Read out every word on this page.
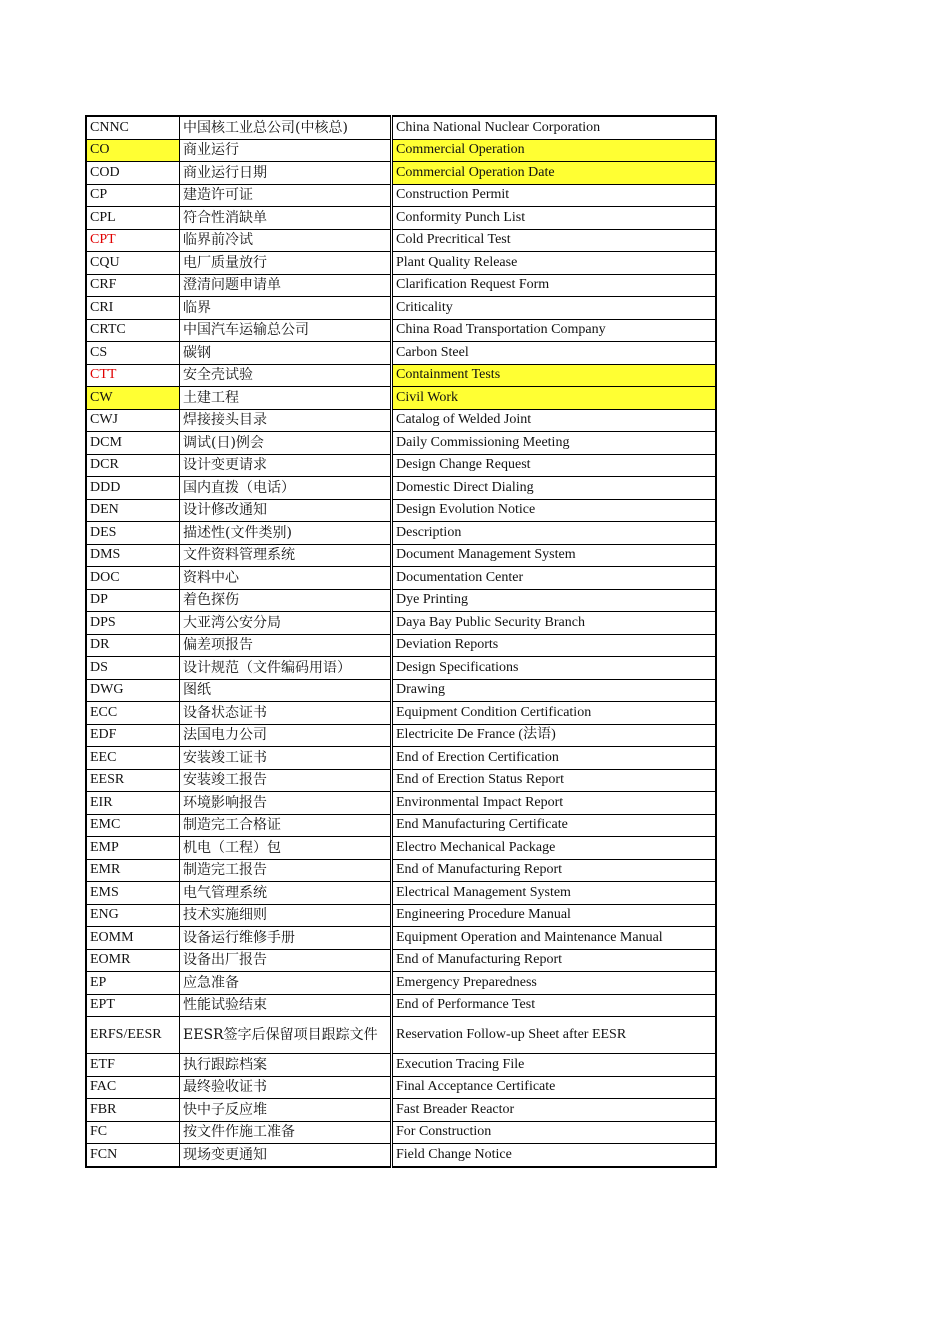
CNNC	中国核工业总公司(中核总)	China National Nuclear Corporation
CO	商业运行	Commercial Operation
COD	商业运行日期	Commercial Operation Date
CP	建造许可证	Construction Permit
CPL	符合性消缺单	Conformity Punch List
CPT	临界前冷试	Cold Precritical Test
CQU	电厂质量放行	Plant Quality Release
CRF	澄清问题申请单	Clarification Request Form
CRI	临界	Criticality
CRTC	中国汽车运输总公司	China Road Transportation Company
CS	碳钢	Carbon Steel
CTT	安全壳试验	Containment Tests
CW	土建工程	Civil Work
CWJ	焊接接头目录	Catalog of Welded Joint
DCM	调试(日)例会	Daily Commissioning Meeting
DCR	设计变更请求	Design Change Request
DDD	国内直拨（电话）	Domestic Direct Dialing
DEN	设计修改通知	Design Evolution Notice
DES	描述性(文件类别)	Description
DMS	文件资料管理系统	Document Management System
DOC	资料中心	Documentation Center
DP	着色探伤	Dye Printing
DPS	大亚湾公安分局	Daya Bay Public Security Branch
DR	偏差项报告	Deviation Reports
DS	设计规范（文件编码用语）	Design Specifications
DWG	图纸	Drawing
ECC	设备状态证书	Equipment Condition Certification
EDF	法国电力公司	Electricite De France (法语)
EEC	安装竣工证书	End of Erection Certification
EESR	安装竣工报告	End of Erection Status Report
EIR	环境影响报告	Environmental Impact Report
EMC	制造完工合格证	End Manufacturing Certificate
EMP	机电（工程）包	Electro Mechanical Package
EMR	制造完工报告	End of Manufacturing Report
EMS	电气管理系统	Electrical Management System
ENG	技术实施细则	Engineering Procedure Manual
EOMM	设备运行维修手册	Equipment Operation and Maintenance Manual
EOMR	设备出厂报告	End of Manufacturing Report
EP	应急准备	Emergency Preparedness
EPT	性能试验结束	End of Performance Test
ERFS/EESR	EESR签字后保留项目跟踪文件	Reservation Follow-up Sheet after EESR
ETF	执行跟踪档案	Execution Tracing File
FAC	最终验收证书	Final Acceptance Certificate
FBR	快中子反应堆	Fast Breader Reactor
FC	按文件作施工准备	For Construction
FCN	现场变更通知	Field Change Notice
